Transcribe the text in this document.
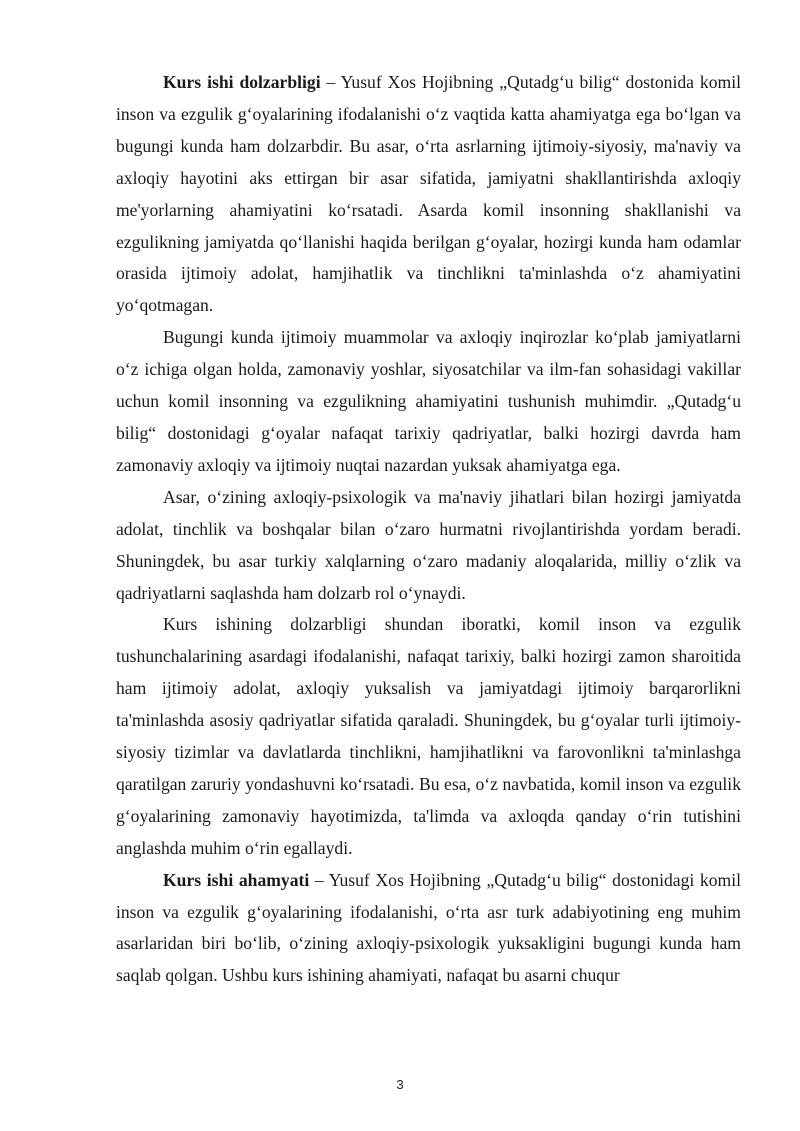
Kurs ishi dolzarbligi – Yusuf Xos Hojibning „Qutadg‘u bilig“ dostonida komil inson va ezgulik g‘oyalarining ifodalanishi o‘z vaqtida katta ahamiyatga ega bo‘lgan va bugungi kunda ham dolzarbdir. Bu asar, o‘rta asrlarning ijtimoiy-siyosiy, ma'naviy va axloqiy hayotini aks ettirgan bir asar sifatida, jamiyatni shakllantirishda axloqiy me'yorlarning ahamiyatini ko‘rsatadi. Asarda komil insonning shakllanishi va ezgulikning jamiyatda qo‘llanishi haqida berilgan g‘oyalar, hozirgi kunda ham odamlar orasida ijtimoiy adolat, hamjihatlik va tinchlikni ta'minlashda o‘z ahamiyatini yo‘qotmagan.

Bugungi kunda ijtimoiy muammolar va axloqiy inqirozlar ko‘plab jamiyatlarni o‘z ichiga olgan holda, zamonaviy yoshlar, siyosatchilar va ilm-fan sohasidagi vakillar uchun komil insonning va ezgulikning ahamiyatini tushunish muhimdir. „Qutadg‘u bilig“ dostonidagi g‘oyalar nafaqat tarixiy qadriyatlar, balki hozirgi davrda ham zamonaviy axloqiy va ijtimoiy nuqtai nazardan yuksak ahamiyatga ega.

Asar, o‘zining axloqiy-psixologik va ma'naviy jihatlari bilan hozirgi jamiyatda adolat, tinchlik va boshqalar bilan o‘zaro hurmatni rivojlantirishda yordam beradi. Shuningdek, bu asar turkiy xalqlarning o‘zaro madaniy aloqalarida, milliy o‘zlik va qadriyatlarni saqlashda ham dolzarb rol o‘ynaydi.

Kurs ishining dolzarbligi shundan iboratki, komil inson va ezgulik tushunchalarining asardagi ifodalanishi, nafaqat tarixiy, balki hozirgi zamon sharoitida ham ijtimoiy adolat, axloqiy yuksalish va jamiyatdagi ijtimoiy barqarorlikni ta'minlashda asosiy qadriyatlar sifatida qaraladi. Shuningdek, bu g‘oyalar turli ijtimoiy-siyosiy tizimlar va davlatlarda tinchlikni, hamjihatlikni va farovonlikni ta'minlashga qaratilgan zaruriy yondashuvni ko‘rsatadi. Bu esa, o‘z navbatida, komil inson va ezgulik g‘oyalarining zamonaviy hayotimizda, ta'limda va axloqda qanday o‘rin tutishini anglashda muhim o‘rin egallaydi.

Kurs ishi ahamyati – Yusuf Xos Hojibning „Qutadg‘u bilig“ dostonidagi komil inson va ezgulik g‘oyalarining ifodalanishi, o‘rta asr turk adabiyotining eng muhim asarlaridan biri bo‘lib, o‘zining axloqiy-psixologik yuksakligini bugungi kunda ham saqlab qolgan. Ushbu kurs ishining ahamiyati, nafaqat bu asarni chuqur

3
